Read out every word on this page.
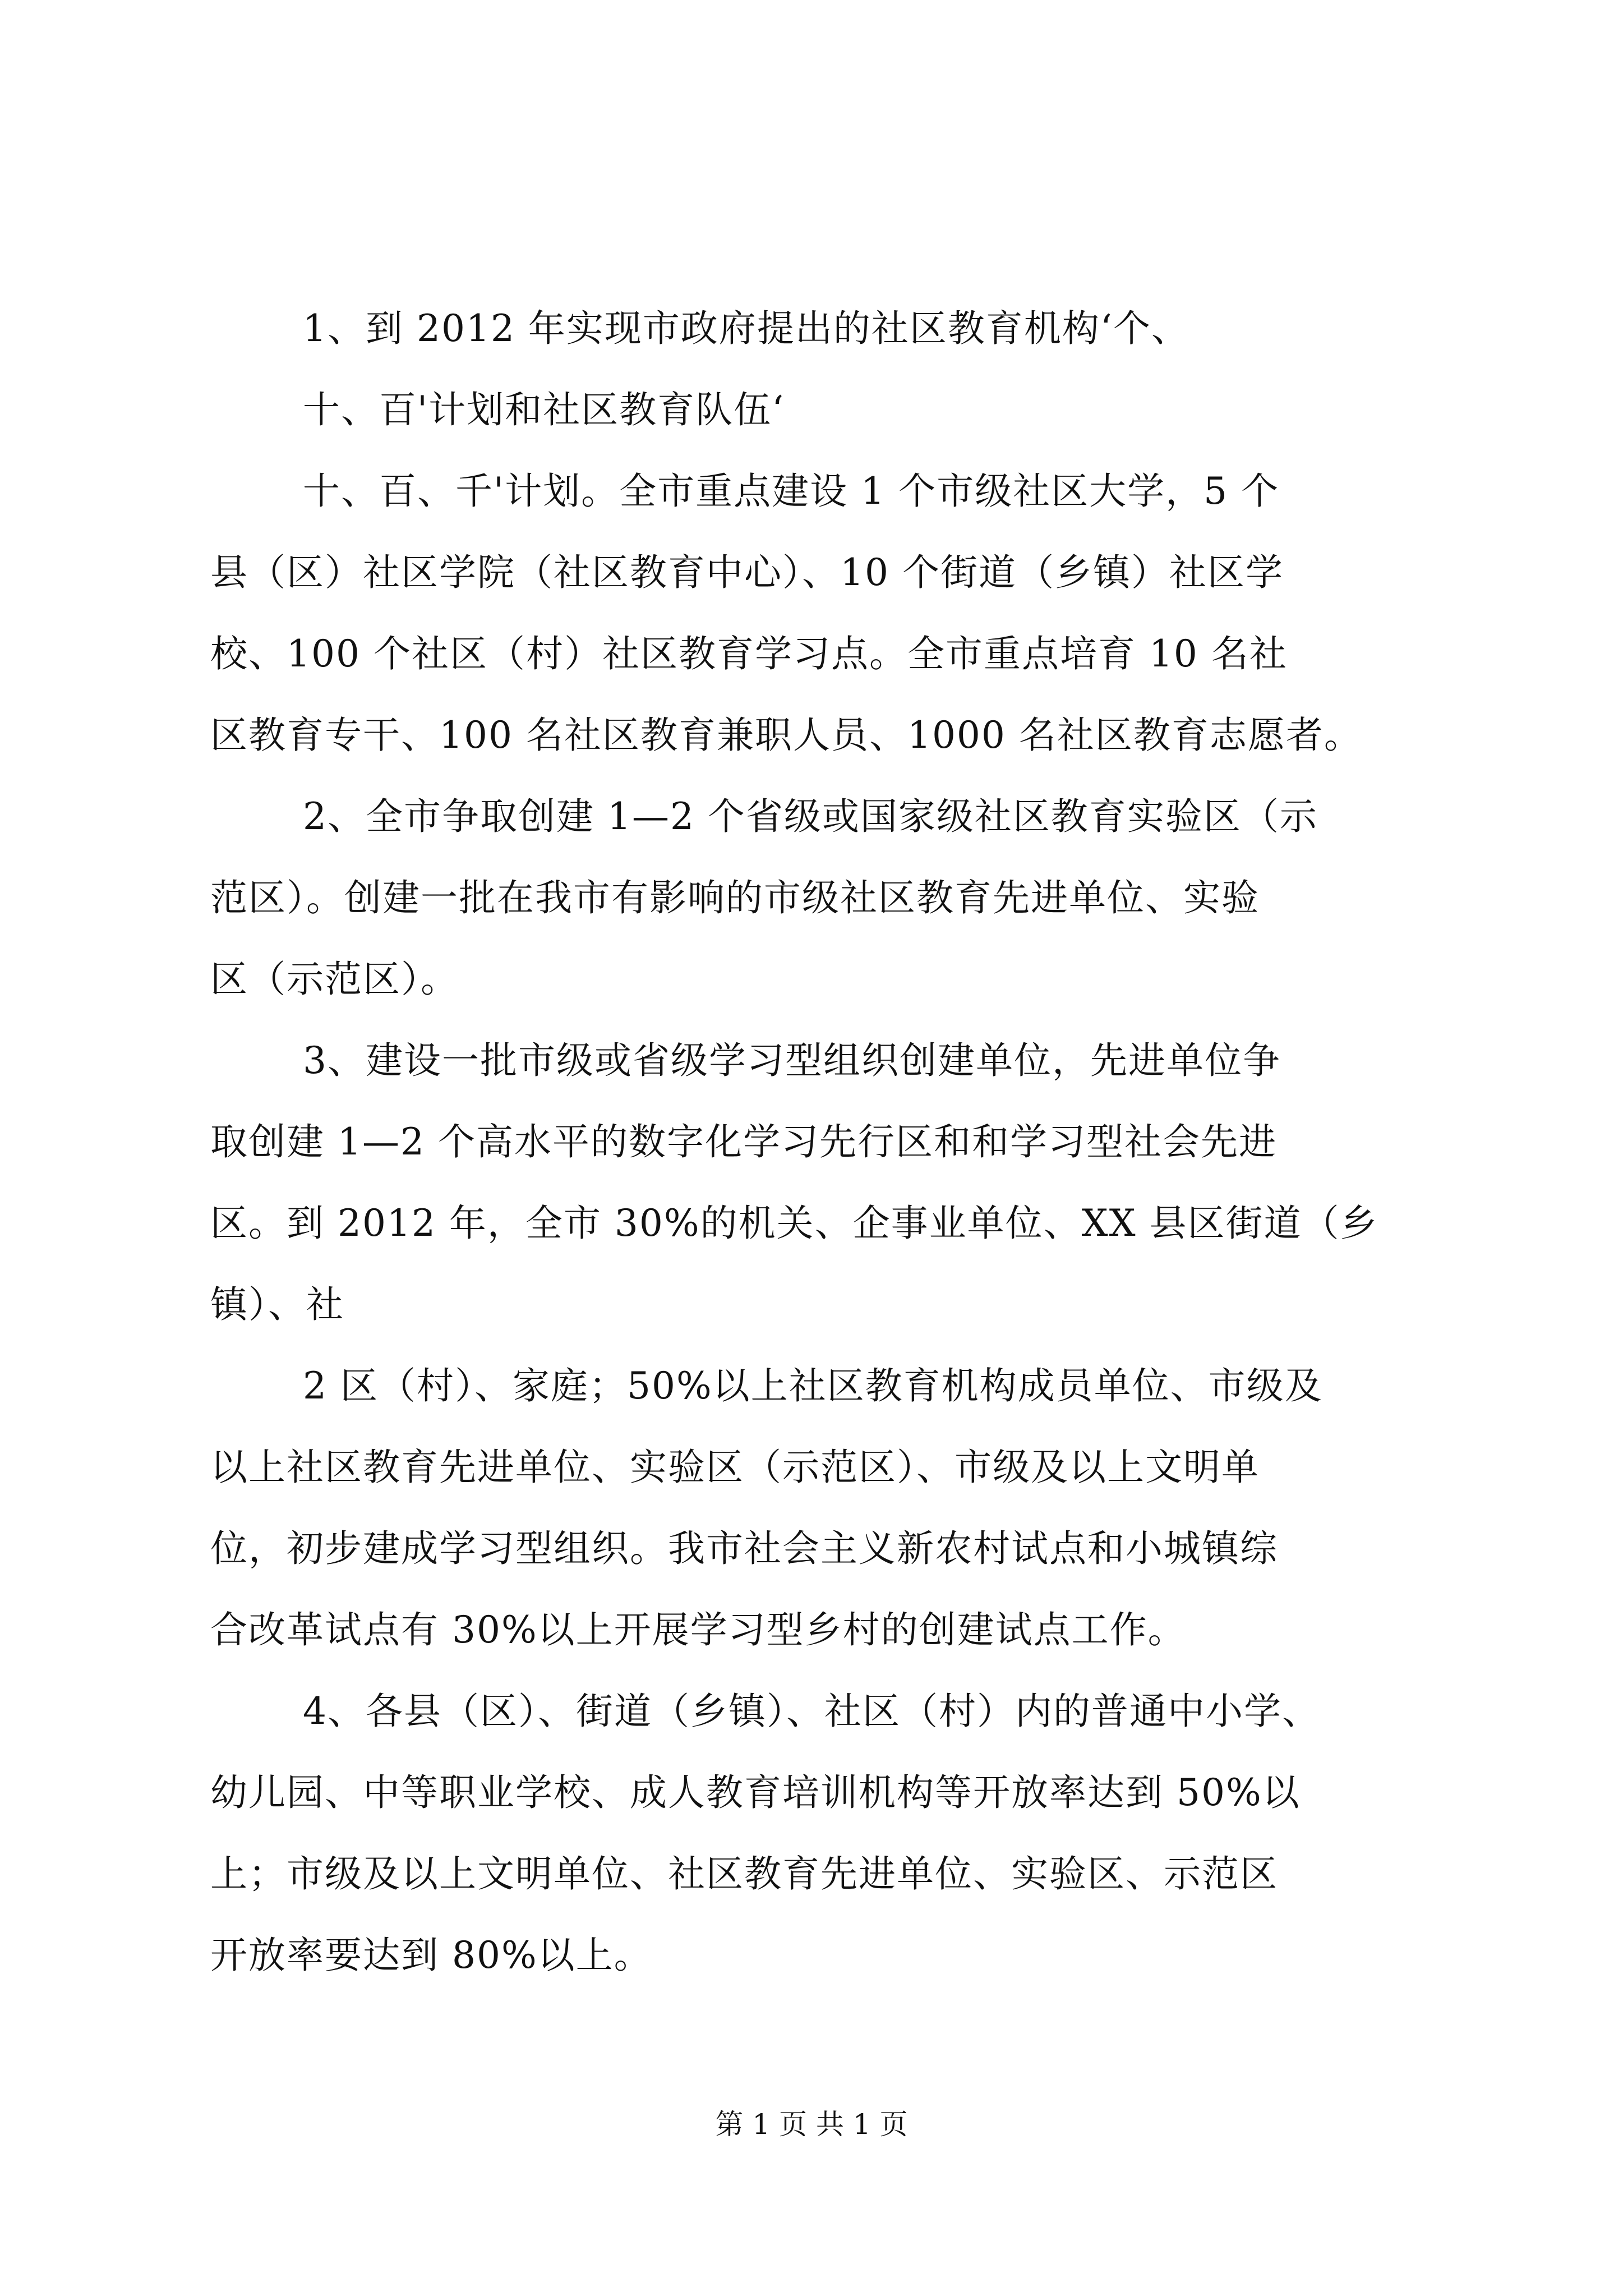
1、到 2012 年实现市政府提出的社区教育机构‘个、
十、百'计划和社区教育队伍‘
十、百、千'计划。全市重点建设 1 个市级社区大学，5 个
县（区）社区学院（社区教育中心）、10 个街道（乡镇）社区学
校、100 个社区（村）社区教育学习点。全市重点培育 10 名社
区教育专干、100 名社区教育兼职人员、1000 名社区教育志愿者。
2、全市争取创建 1—2 个省级或国家级社区教育实验区（示
范区）。创建一批在我市有影响的市级社区教育先进单位、实验
区（示范区）。
3、建设一批市级或省级学习型组织创建单位，先进单位争
取创建 1—2 个高水平的数字化学习先行区和和学习型社会先进
区。到 2012 年，全市 30%的机关、企事业单位、XX 县区街道（乡
镇）、社
2 区（村）、家庭；50%以上社区教育机构成员单位、市级及
以上社区教育先进单位、实验区（示范区）、市级及以上文明单
位，初步建成学习型组织。我市社会主义新农村试点和小城镇综
合改革试点有 30%以上开展学习型乡村的创建试点工作。
4、各县（区）、街道（乡镇）、社区（村）内的普通中小学、
幼儿园、中等职业学校、成人教育培训机构等开放率达到 50%以
上；市级及以上文明单位、社区教育先进单位、实验区、示范区
开放率要达到 80%以上。
第 1 页 共 1 页
